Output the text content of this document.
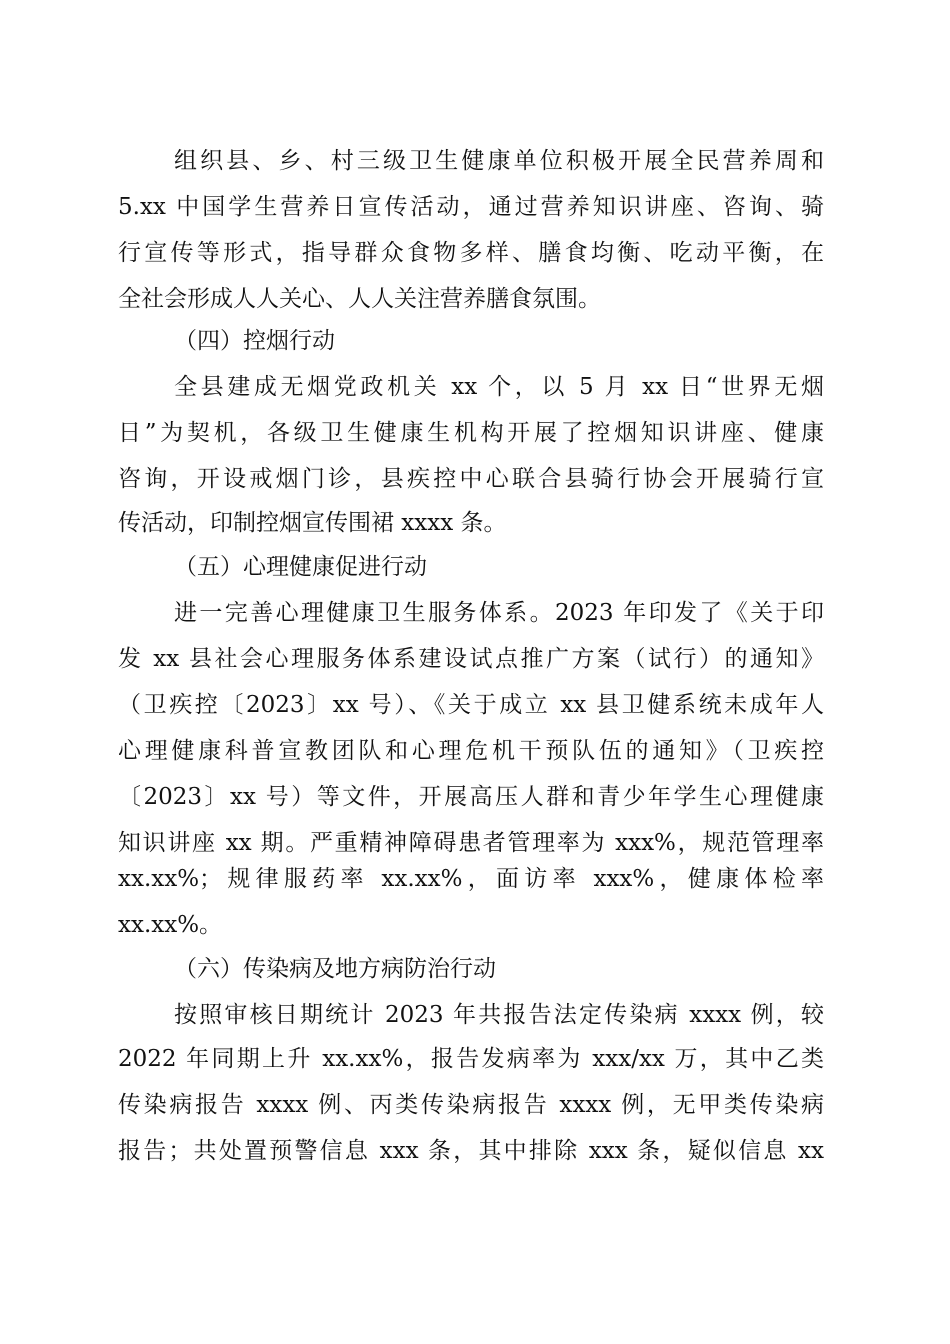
组织县、乡、村三级卫生健康单位积极开展全民营养周和

5.xx 中国学生营养日宣传活动，通过营养知识讲座、咨询、骑

行宣传等形式，指导群众食物多样、膳食均衡、吃动平衡，在

全社会形成人人关心、人人关注营养膳食氛围。

（四）控烟行动

全县建成无烟党政机关 xx 个，以 5 月 xx 日“世界无烟

日”为契机，各级卫生健康生机构开展了控烟知识讲座、健康

咨询，开设戒烟门诊，县疾控中心联合县骑行协会开展骑行宣

传活动，印制控烟宣传围裙 xxxx 条。

（五）心理健康促进行动

进一完善心理健康卫生服务体系。2023 年印发了《关于印

发 xx 县社会心理服务体系建设试点推广方案（试行）的通知》

（卫疾控〔2023〕xx 号）、《关于成立 xx 县卫健系统未成年人

心理健康科普宣教团队和心理危机干预队伍的通知》（卫疾控

〔2023〕xx 号）等文件，开展高压人群和青少年学生心理健康

知识讲座 xx 期。严重精神障碍患者管理率为 xxx%，规范管理率

xx.xx%；规律服药率 xx.xx%，面访率 xxx%，健康体检率

xx.xx%。

（六）传染病及地方病防治行动

按照审核日期统计 2023 年共报告法定传染病 xxxx 例，较

2022 年同期上升 xx.xx%，报告发病率为 xxx/xx 万，其中乙类

传染病报告 xxxx 例、丙类传染病报告 xxxx 例，无甲类传染病

报告；共处置预警信息 xxx 条，其中排除 xxx 条，疑似信息 xx
